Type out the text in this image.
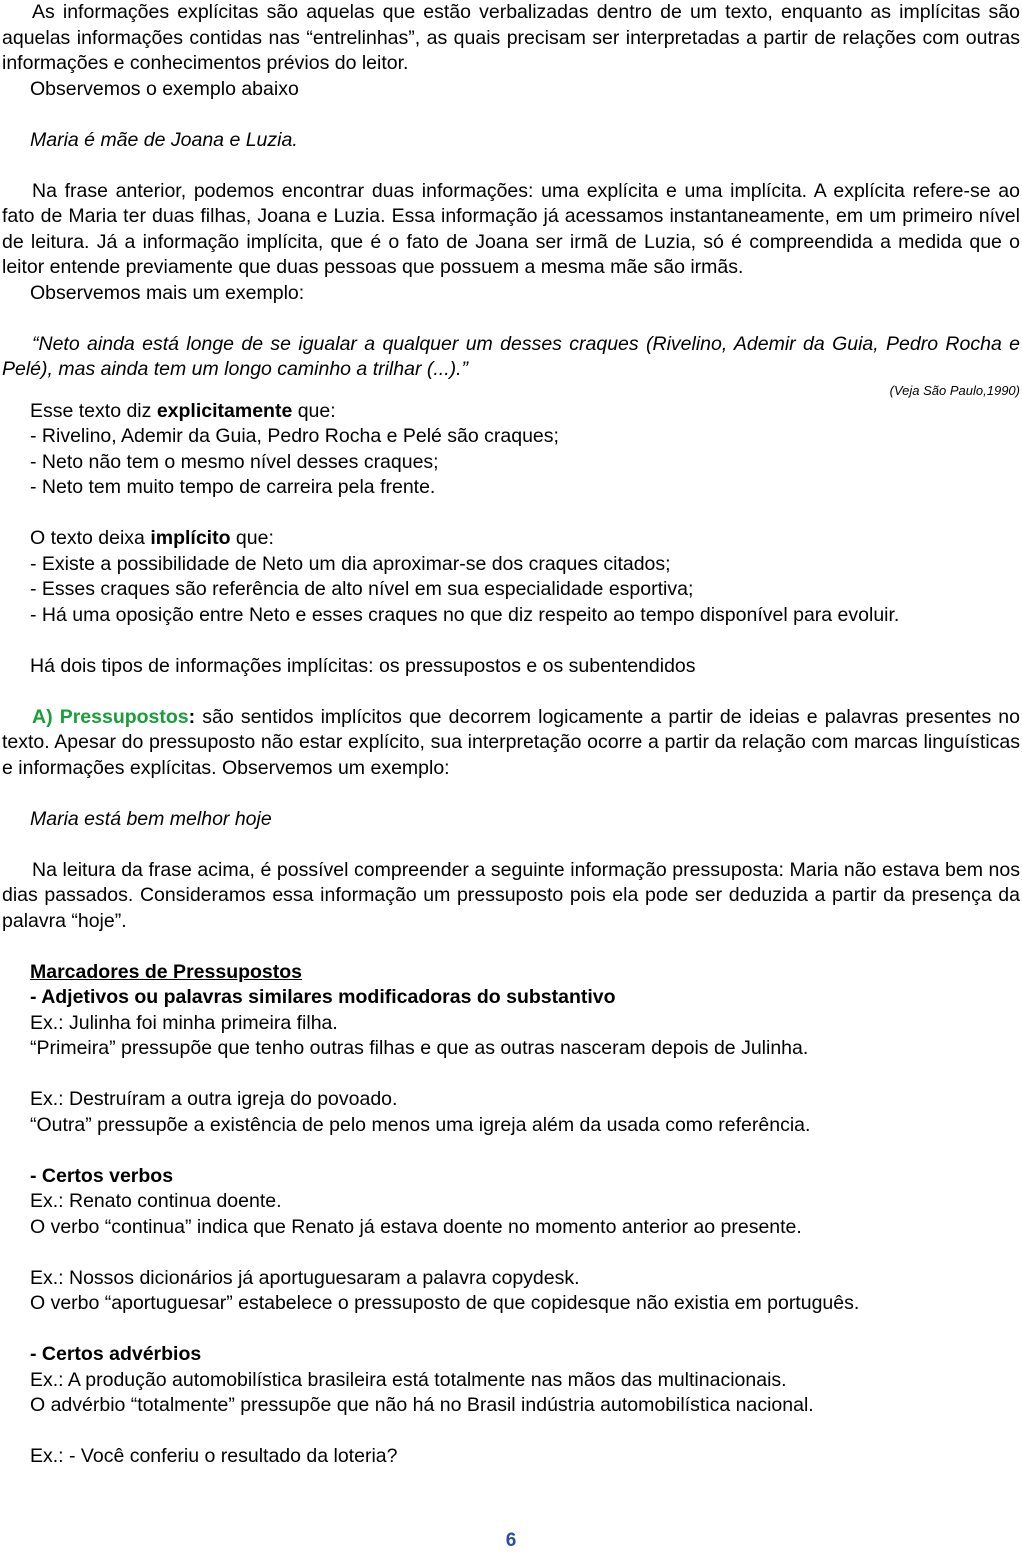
As informações explícitas são aquelas que estão verbalizadas dentro de um texto, enquanto as implícitas são aquelas informações contidas nas “entrelinhas”, as quais precisam ser interpretadas a partir de relações com outras informações e conhecimentos prévios do leitor.

Observemos o exemplo abaixo

Maria é mãe de Joana e Luzia.

Na frase anterior, podemos encontrar duas informações: uma explícita e uma implícita. A explícita refere-se ao fato de Maria ter duas filhas, Joana e Luzia. Essa informação já acessamos instantaneamente, em um primeiro nível de leitura. Já a informação implícita, que é o fato de Joana ser irmã de Luzia, só é compreendida a medida que o leitor entende previamente que duas pessoas que possuem a mesma mãe são irmãs.

Observemos mais um exemplo:

“Neto ainda está longe de se igualar a qualquer um desses craques (Rivelino, Ademir da Guia, Pedro Rocha e Pelé), mas ainda tem um longo caminho a trilhar (...).”

(Veja São Paulo,1990)

Esse texto diz explicitamente que:

- Rivelino, Ademir da Guia, Pedro Rocha e Pelé são craques;

- Neto não tem o mesmo nível desses craques;

- Neto tem muito tempo de carreira pela frente.

O texto deixa implícito que:

- Existe a possibilidade de Neto um dia aproximar-se dos craques citados;

- Esses craques são referência de alto nível em sua especialidade esportiva;

- Há uma oposição entre Neto e esses craques no que diz respeito ao tempo disponível para evoluir.

Há dois tipos de informações implícitas: os pressupostos e os subentendidos

A) Pressupostos: são sentidos implícitos que decorrem logicamente a partir de ideias e palavras presentes no texto. Apesar do pressuposto não estar explícito, sua interpretação ocorre a partir da relação com marcas linguísticas e informações explícitas. Observemos um exemplo:

Maria está bem melhor hoje

Na leitura da frase acima, é possível compreender a seguinte informação pressuposta: Maria não estava bem nos dias passados. Consideramos essa informação um pressuposto pois ela pode ser deduzida a partir da presença da palavra “hoje”.

Marcadores de Pressupostos

- Adjetivos ou palavras similares modificadoras do substantivo

Ex.: Julinha foi minha primeira filha.

“Primeira” pressupõe que tenho outras filhas e que as outras nasceram depois de Julinha.

Ex.: Destruíram a outra igreja do povoado.

“Outra” pressupõe a existência de pelo menos uma igreja além da usada como referência.

- Certos verbos

Ex.: Renato continua doente.

O verbo “continua” indica que Renato já estava doente no momento anterior ao presente.

Ex.: Nossos dicionários já aportuguesaram a palavra copydesk.

O verbo “aportuguesar” estabelece o pressuposto de que copidesque não existia em português.

- Certos advérbios

Ex.: A produção automobilística brasileira está totalmente nas mãos das multinacionais.

O advérbio “totalmente” pressupõe que não há no Brasil indústria automobilística nacional.

Ex.: - Você conferiu o resultado da loteria?

6
